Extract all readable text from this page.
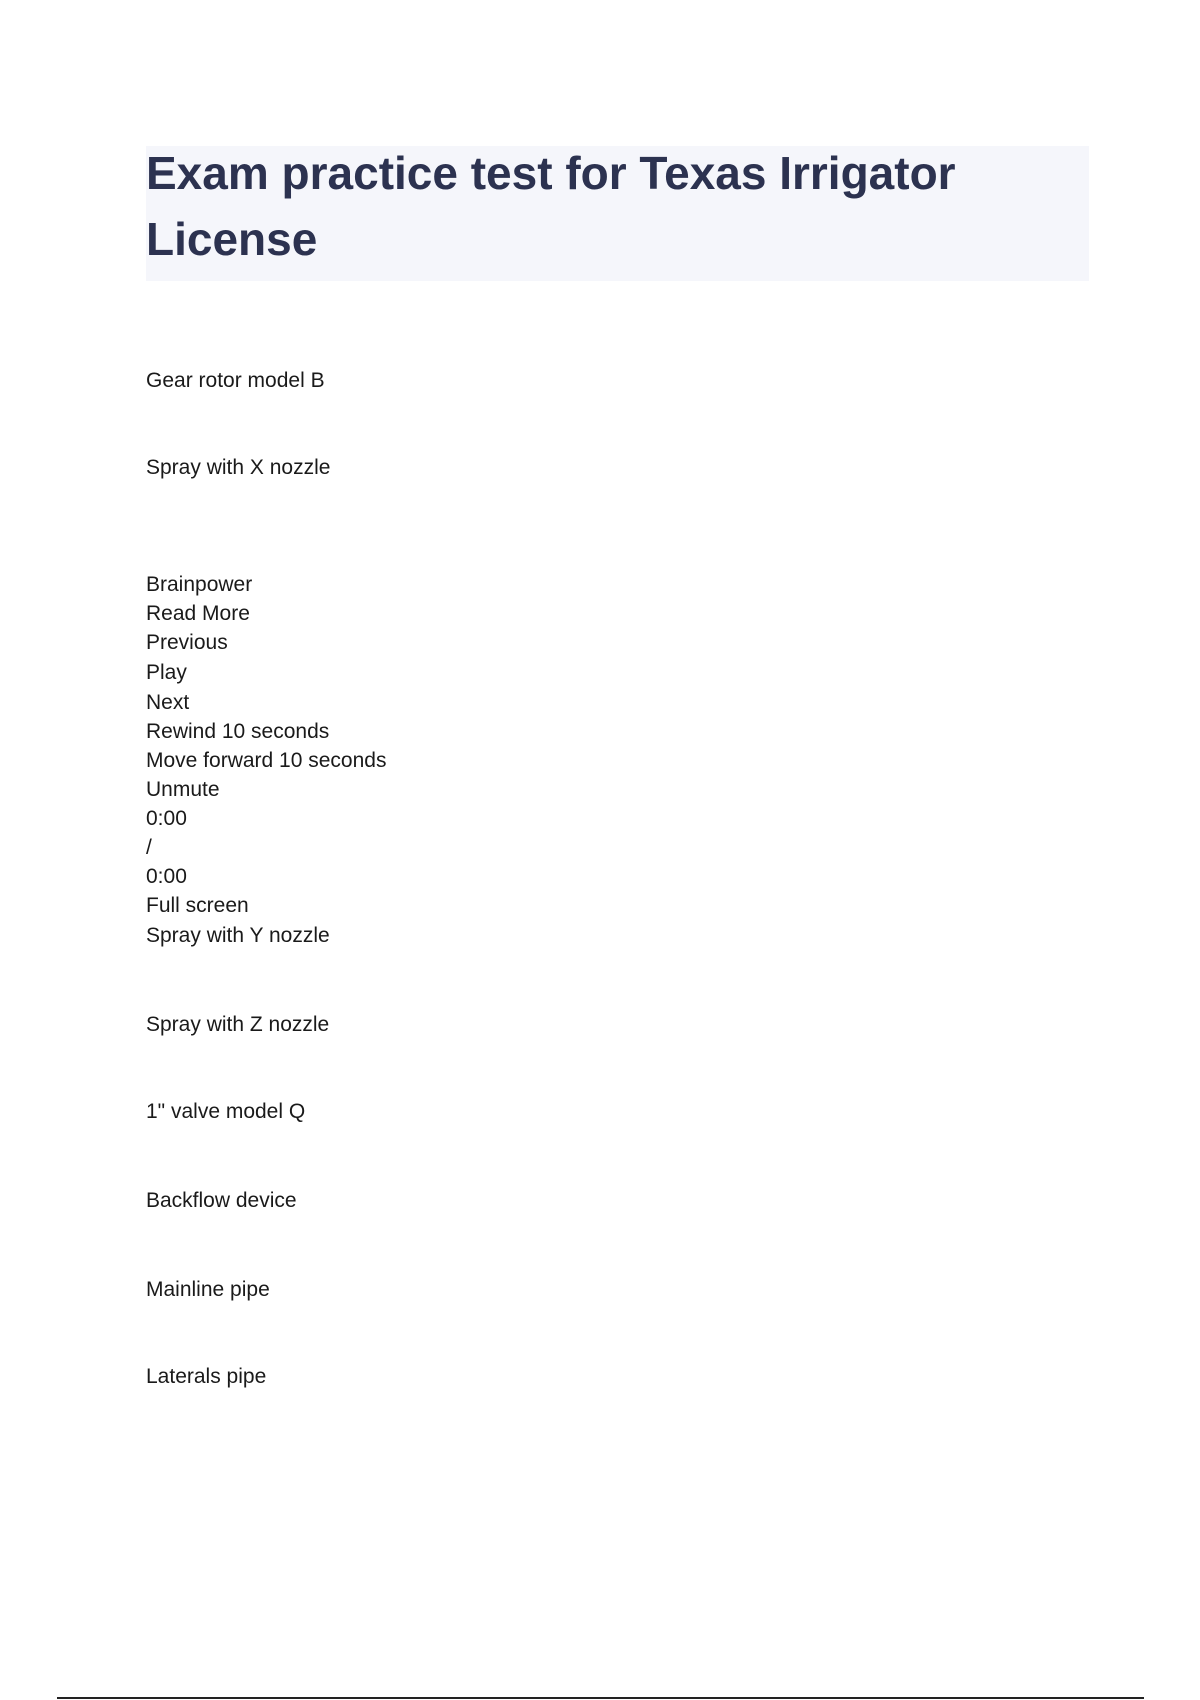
Exam practice test for Texas Irrigator License

Gear rotor model B

Spray with X nozzle

Brainpower

Read More

Previous

Play

Next

Rewind 10 seconds

Move forward 10 seconds

Unmute

0:00

/

0:00

Full screen

Spray with Y nozzle

Spray with Z nozzle

1" valve model Q

Backflow device

Mainline pipe

Laterals pipe
